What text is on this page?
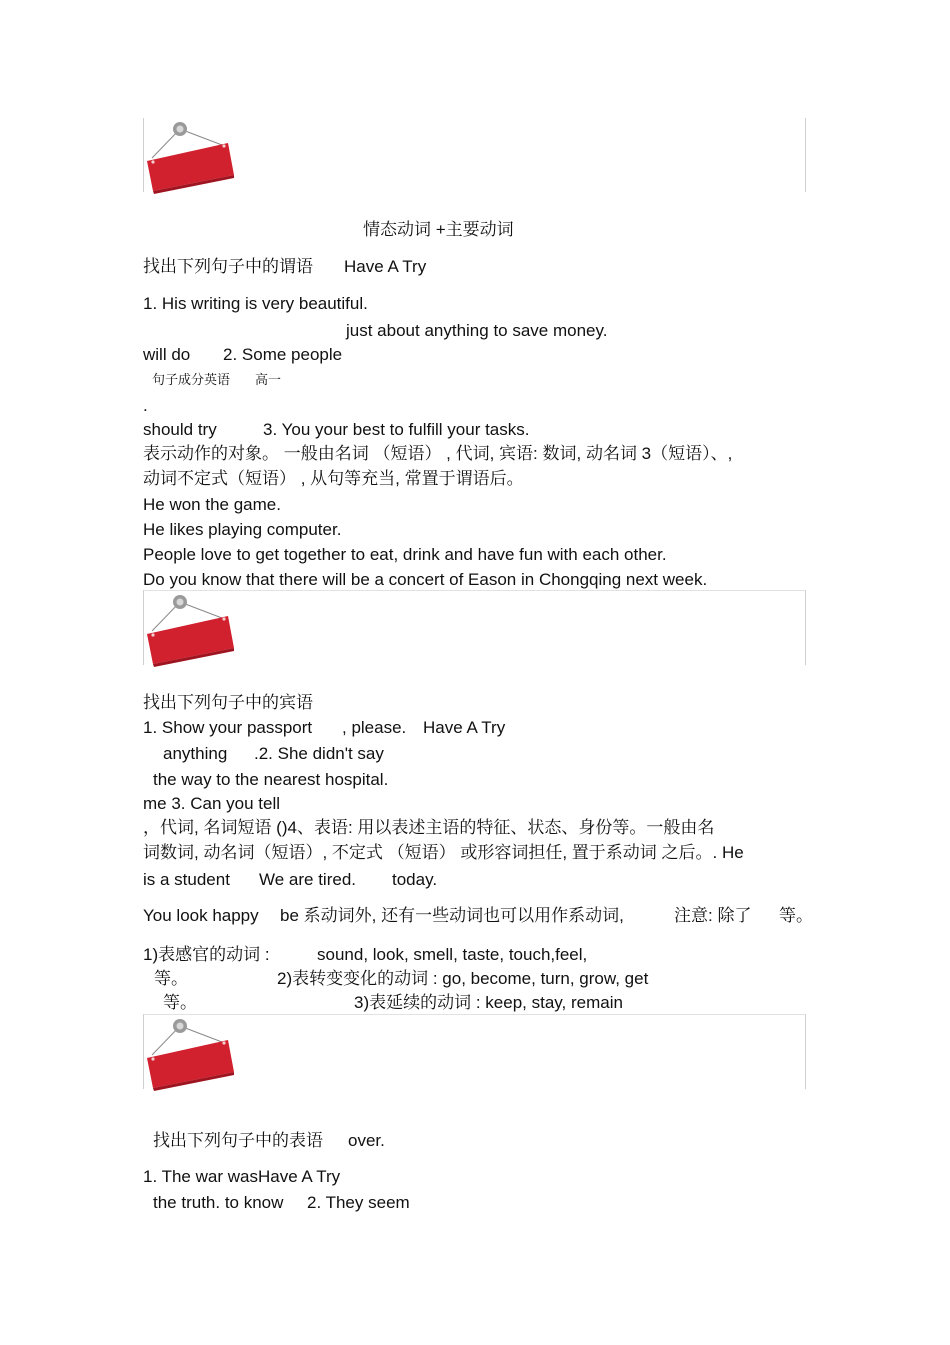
情态动词 +主要动词
找出下列句子中的谓语 Have A Try
1. His writing is very beautiful.
just about anything to save money.
will do 2. Some people
句子成分英语 高一
.
should try	3. You your best to fulfill your tasks.
表示动作的对象。 一般由名词 （短语） , 代词, 宾语: 数词, 动名词 3（短语）、,
动词不定式（短语） , 从句等充当, 常置于谓语后。
He won the game.
He likes playing computer.
People love to get together to eat, drink and have fun with each other.
Do you know that there will be a concert of Eason in Chongqing next week.
找出下列句子中的宾语
1. Show your passport , please. Have A Try
anything .2. She didn't say
the way to the nearest hospital.
me 3. Can you tell
，代词, 名词短语 ()4、表语: 用以表述主语的特征、状态、身份等。一般由名
词数词, 动名词（短语）, 不定式 （短语） 或形容词担任, 置于系动词 之后。. He
is a student We are tired. today.
You look happy be 系动词外, 还有一些动词也可以用作系动词,	注意: 除了 等。
1)表感官的动词 :	sound, look, smell, taste, touch,feel,
等。	2)表转变变化的动词 : go, become, turn, grow, get
等。	3)表延续的动词 : keep, stay, remain
找出下列句子中的表语 over.
1. The war wasHave A Try
the truth. to know 2. They seem
